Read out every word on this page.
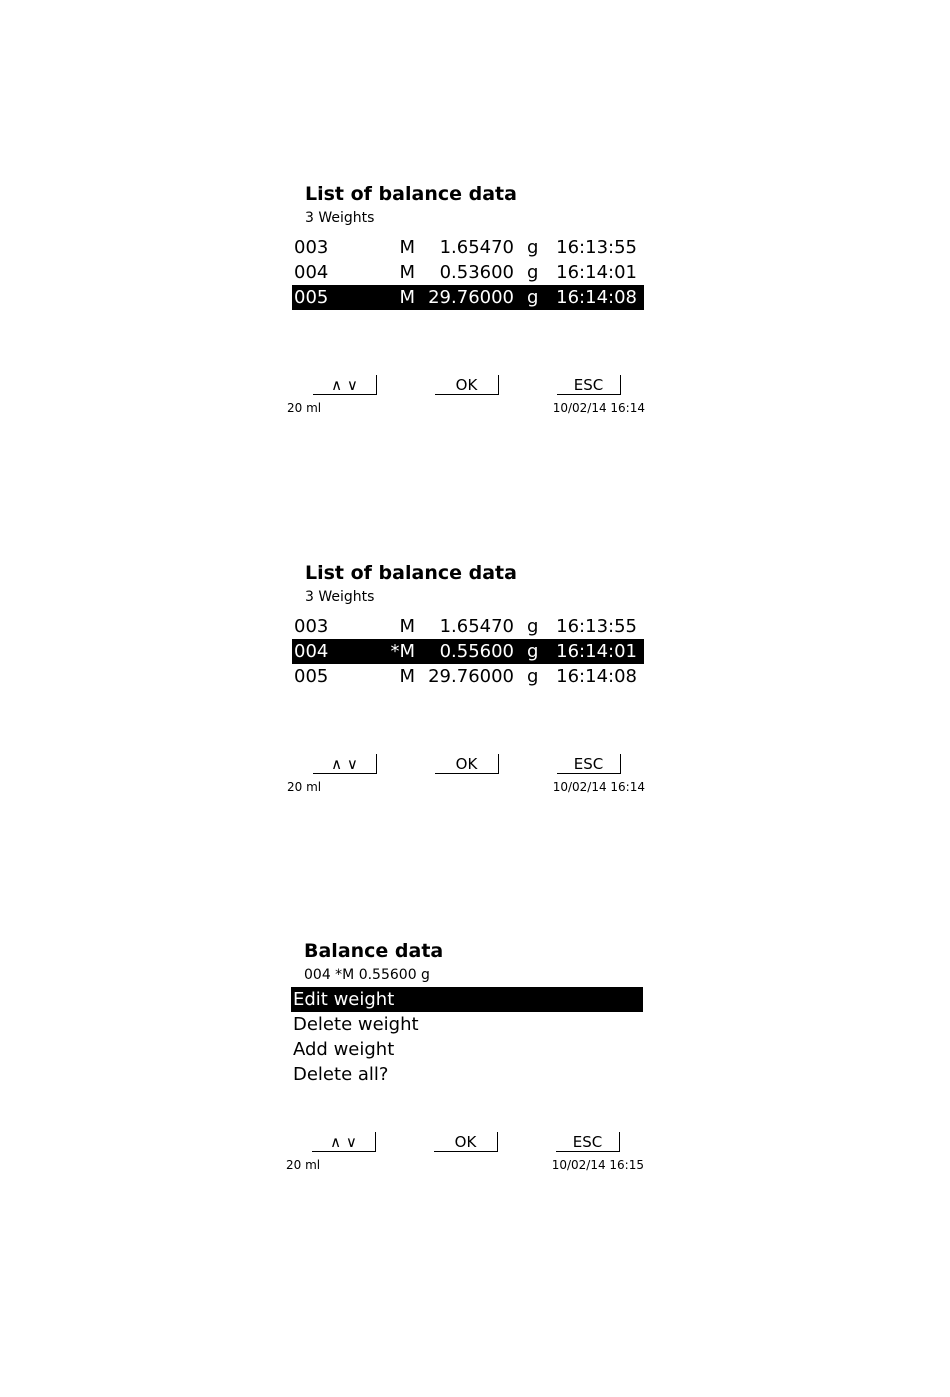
List of balance data
3 Weights
003	M 1.65470 g 16:13:55
004	M 0.53600 g 16:14:01
005	M 29.76000 g 16:14:08
∧ ∨	OK	ESC
20 ml	10/02/14 16:14
List of balance data
3 Weights
003	M 1.65470 g 16:13:55
004	*M 0.55600 g 16:14:01
005	M 29.76000 g 16:14:08
∧ ∨	OK	ESC
20 ml	10/02/14 16:14
Balance data
004 *M 0.55600 g
Edit weight
Delete weight
Add weight
Delete all?
∧ ∨	OK	ESC
20 ml	10/02/14 16:15
